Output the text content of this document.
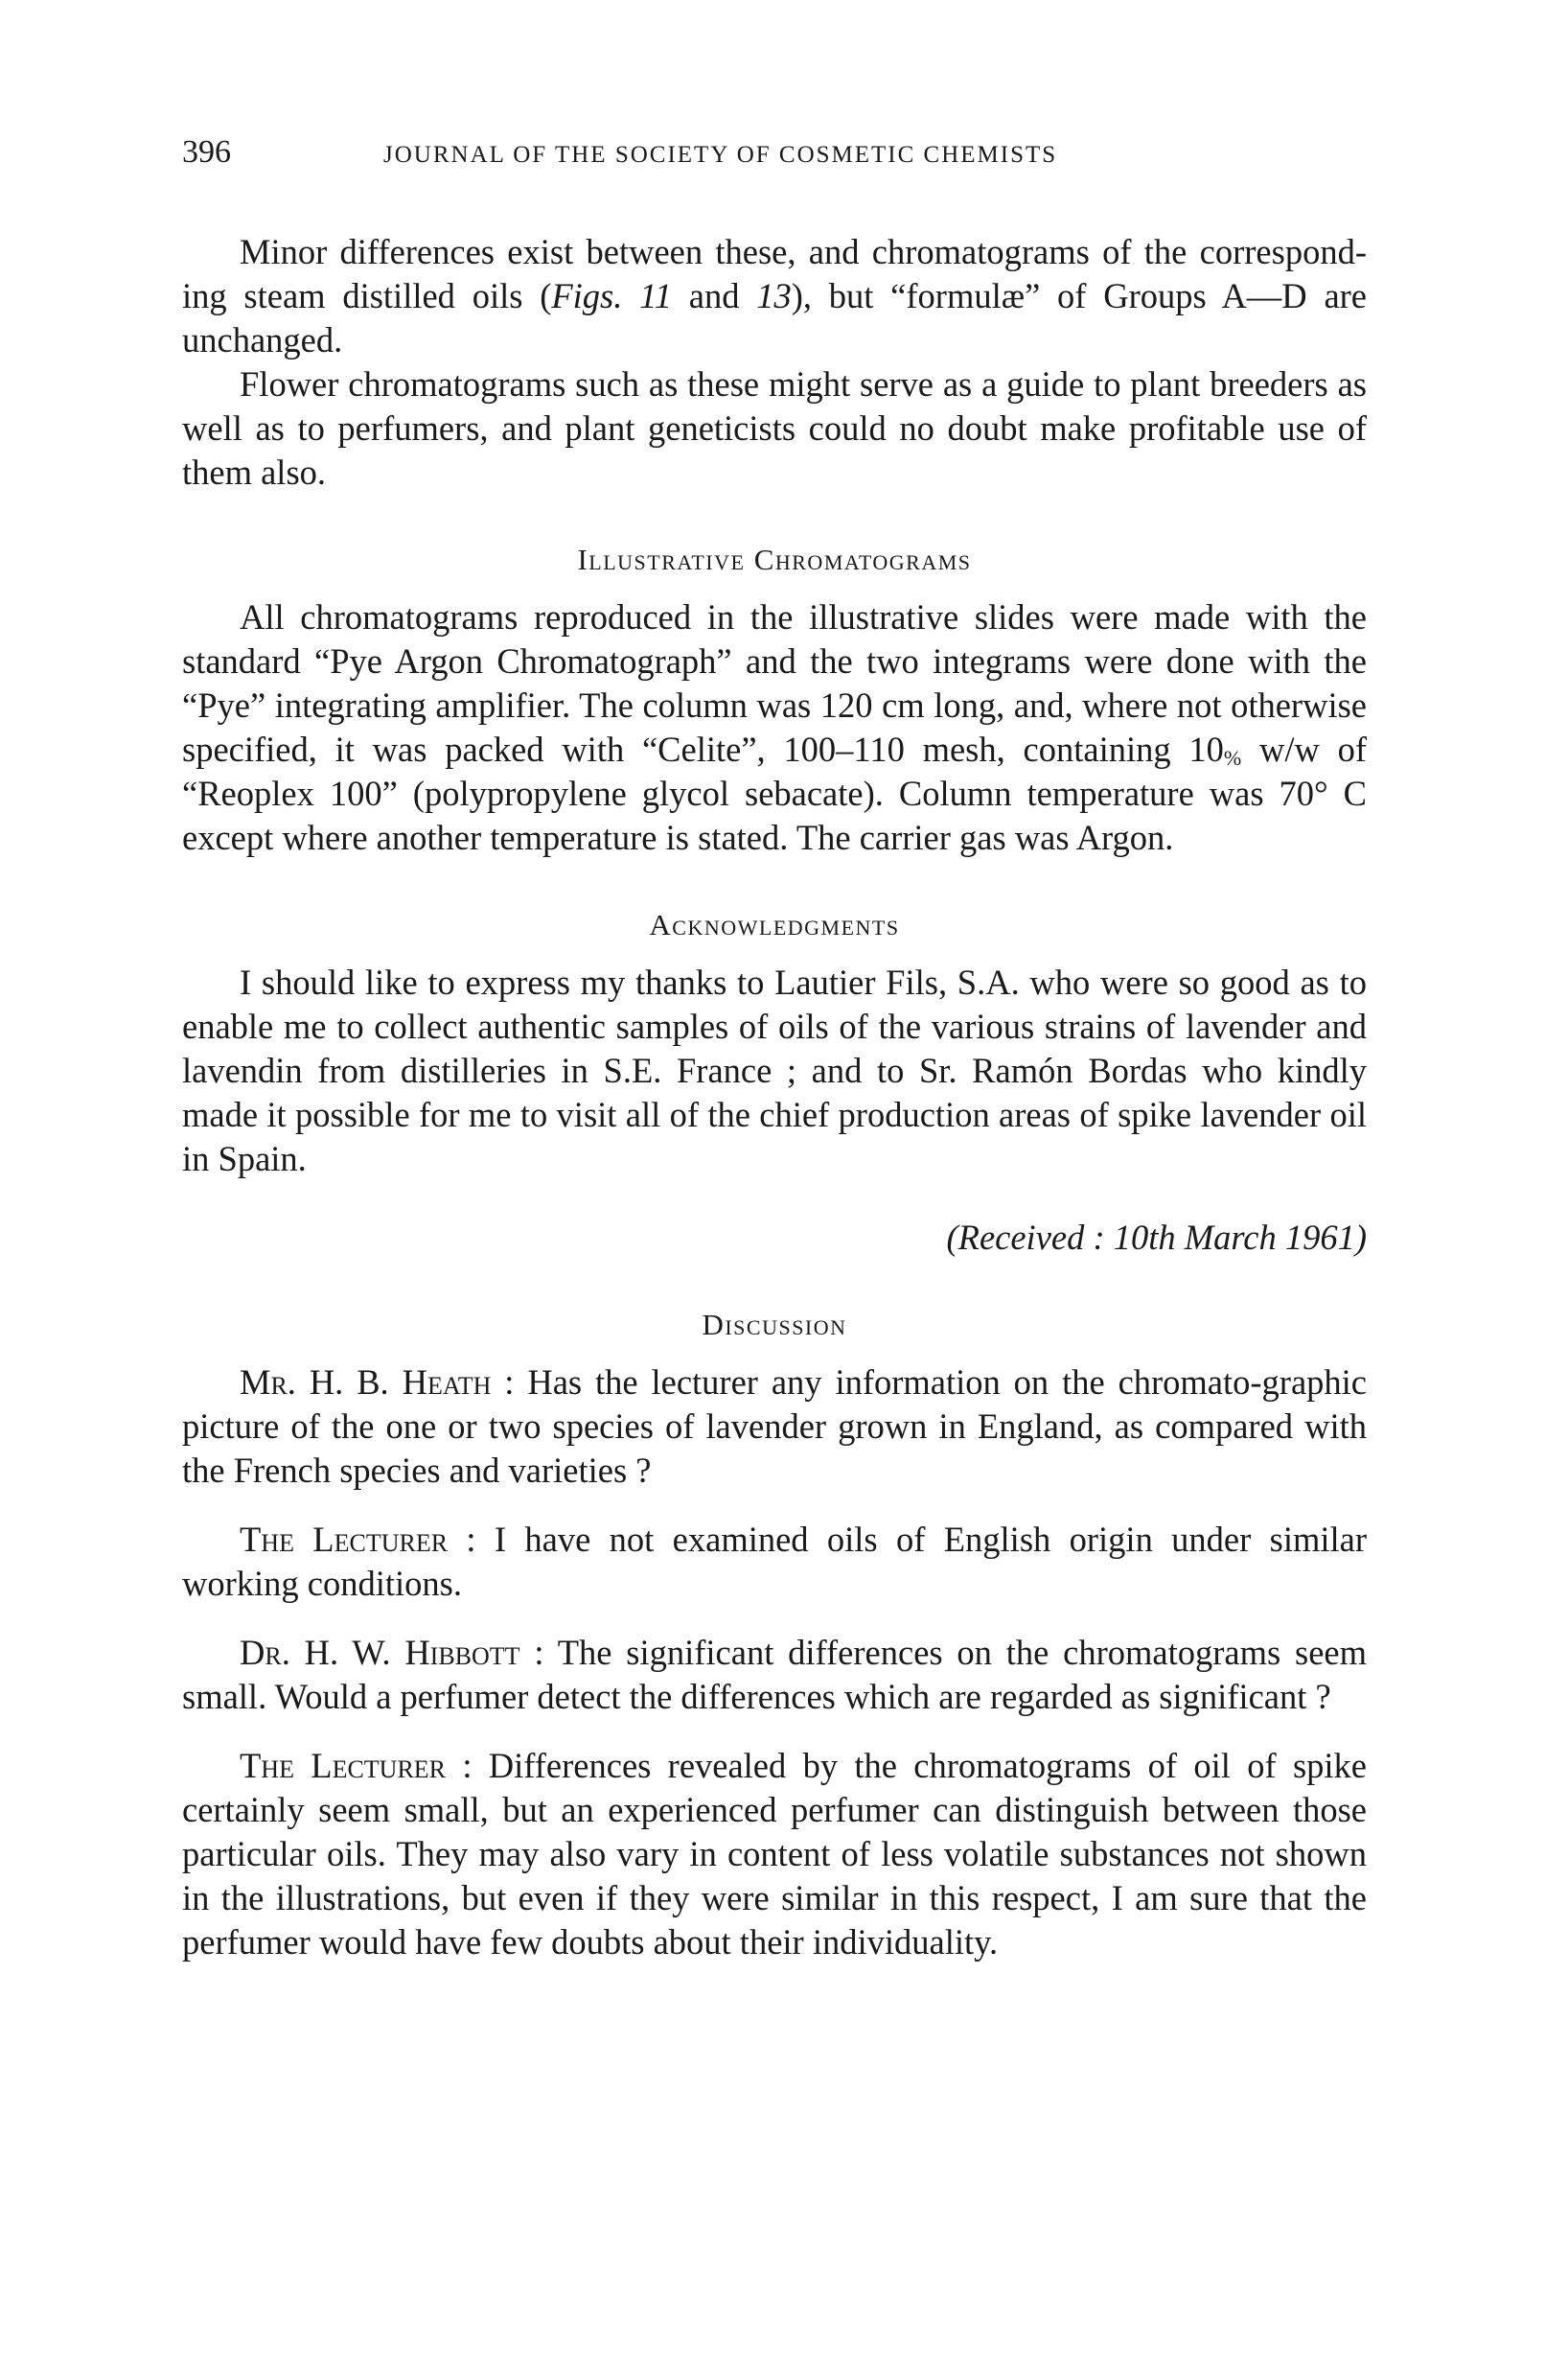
396	JOURNAL OF THE SOCIETY OF COSMETIC CHEMISTS

Minor differences exist between these, and chromatograms of the correspond-ing steam distilled oils (Figs. 11 and 13), but “formulæ” of Groups A—D are unchanged.

Flower chromatograms such as these might serve as a guide to plant breeders as well as to perfumers, and plant geneticists could no doubt make profitable use of them also.

Illustrative Chromatograms

All chromatograms reproduced in the illustrative slides were made with the standard “Pye Argon Chromatograph” and the two integrams were done with the “Pye” integrating amplifier. The column was 120 cm long, and, where not otherwise specified, it was packed with “Celite”, 100–110 mesh, containing $10_{\%}$ w/w of “Reoplex 100” (polypropylene glycol sebacate). Column temperature was 70° C except where another temperature is stated. The carrier gas was Argon.

Acknowledgments

I should like to express my thanks to Lautier Fils, S.A. who were so good as to enable me to collect authentic samples of oils of the various strains of lavender and lavendin from distilleries in S.E. France ; and to Sr. Ramón Bordas who kindly made it possible for me to visit all of the chief production areas of spike lavender oil in Spain.

(Received : 10th March 1961)
Discussion

Mr. H. B. Heath : Has the lecturer any information on the chromato-graphic picture of the one or two species of lavender grown in England, as compared with the French species and varieties ?

The Lecturer : I have not examined oils of English origin under similar working conditions.

Dr. H. W. Hibbott : The significant differences on the chromatograms seem small. Would a perfumer detect the differences which are regarded as significant ?

The Lecturer : Differences revealed by the chromatograms of oil of spike certainly seem small, but an experienced perfumer can distinguish between those particular oils. They may also vary in content of less volatile substances not shown in the illustrations, but even if they were similar in this respect, I am sure that the perfumer would have few doubts about their individuality.
